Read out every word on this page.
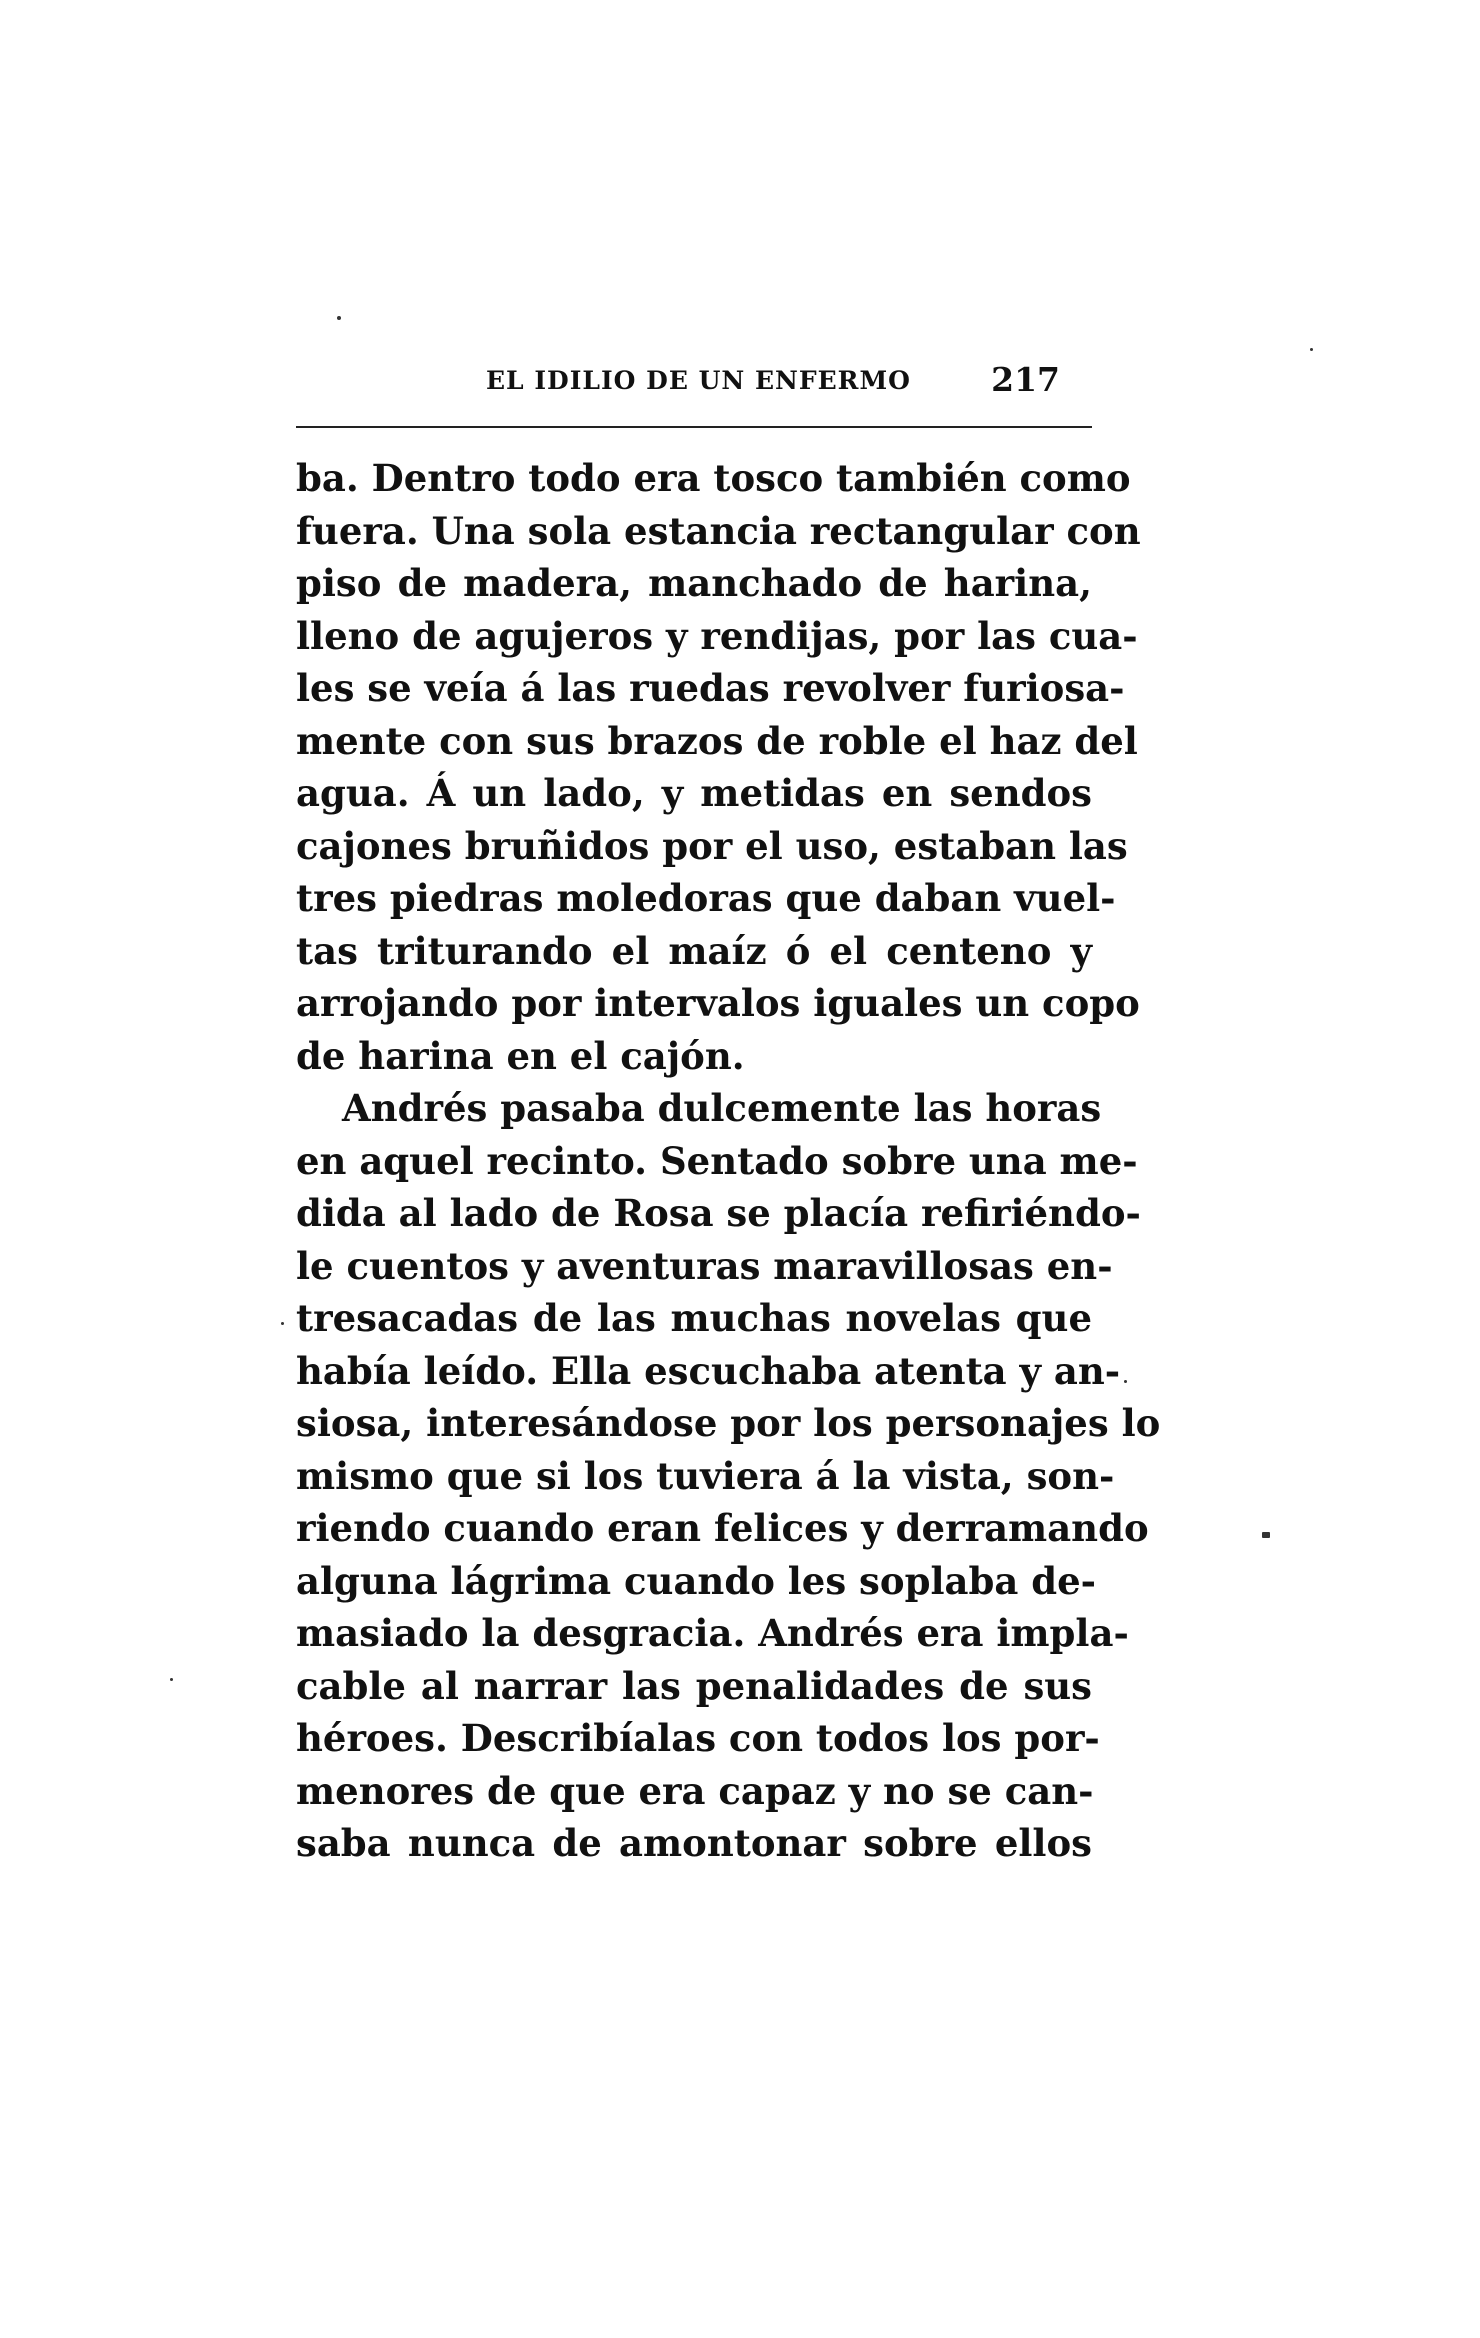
EL IDILIO DE UN ENFERMO 217
ba. Dentro todo era tosco también como
fuera. Una sola estancia rectangular con
piso de madera, manchado de harina,
lleno de agujeros y rendijas, por las cua-
les se veía á las ruedas revolver furiosa-
mente con sus brazos de roble el haz del
agua. Á un lado, y metidas en sendos
cajones bruñidos por el uso, estaban las
tres piedras moledoras que daban vuel-
tas triturando el maíz ó el centeno y
arrojando por intervalos iguales un copo
de harina en el cajón.
Andrés pasaba dulcemente las horas
en aquel recinto. Sentado sobre una me-
dida al lado de Rosa se placía refiriéndo-
le cuentos y aventuras maravillosas en-
tresacadas de las muchas novelas que
había leído. Ella escuchaba atenta y an-
siosa, interesándose por los personajes lo
mismo que si los tuviera á la vista, son-
riendo cuando eran felices y derramando
alguna lágrima cuando les soplaba de-
masiado la desgracia. Andrés era impla-
cable al narrar las penalidades de sus
héroes. Describíalas con todos los por-
menores de que era capaz y no se can-
saba nunca de amontonar sobre ellos
